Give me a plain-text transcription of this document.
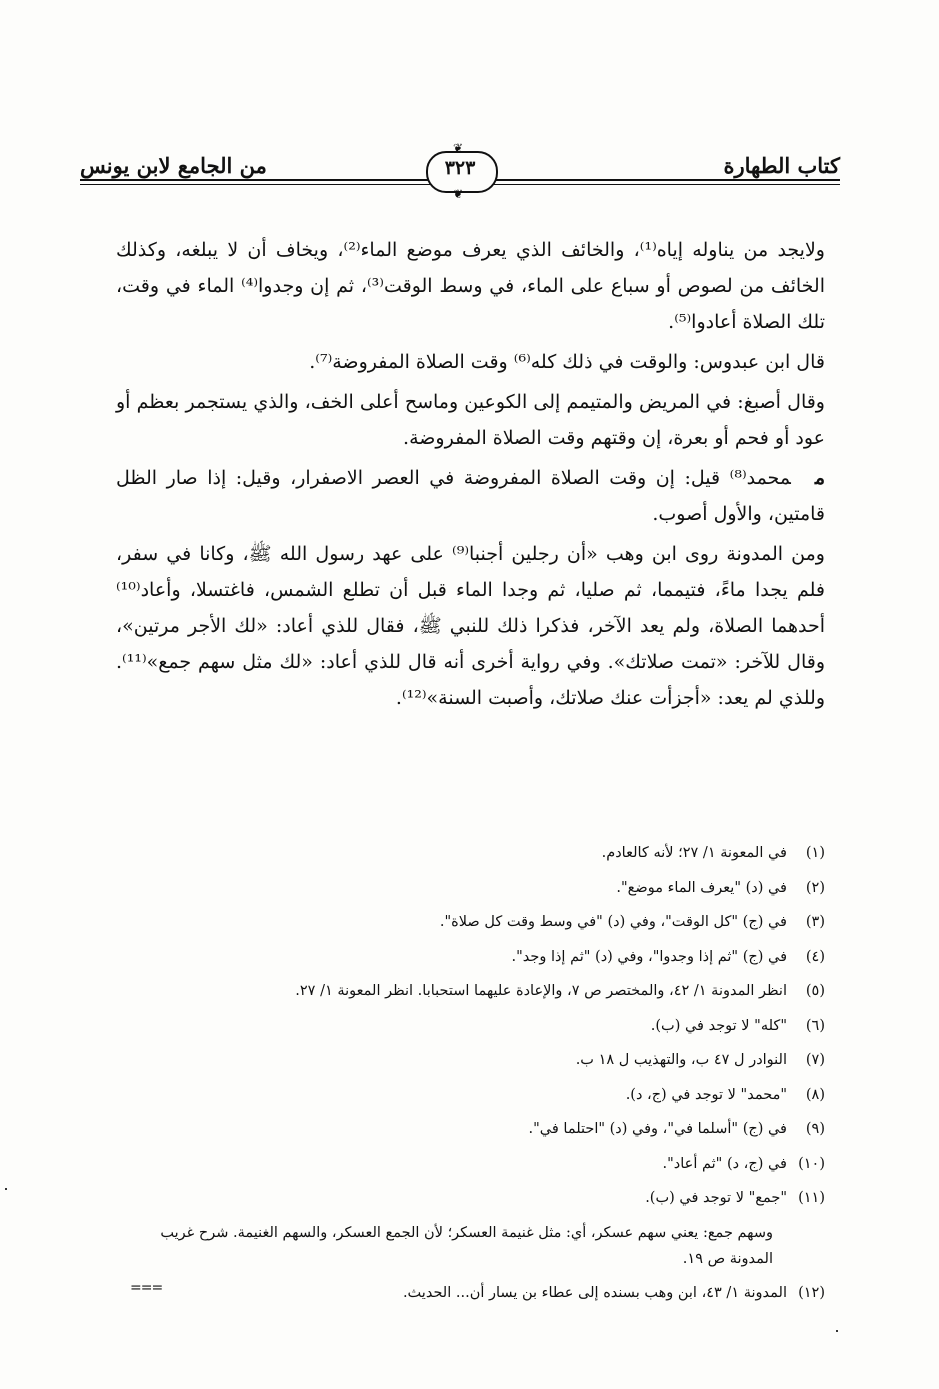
كتاب الطهارة
من الجامع لابن يونس
❦
٣٢٣
❦

ولايجد من يناوله إياه⁽¹⁾، والخائف الذي يعرف موضع الماء⁽²⁾، ويخاف أن لا يبلغه، وكذلك الخائف من لصوص أو سباع على الماء، في وسط الوقت⁽³⁾، ثم إن وجدوا⁽⁴⁾ الماء في وقت، تلك الصلاة أعادوا⁽⁵⁾.

قال ابن عبدوس: والوقت في ذلك كله⁽⁶⁾ وقت الصلاة المفروضة⁽⁷⁾.

وقال أصبغ: في المريض والمتيمم إلى الكوعين وماسح أعلى الخف، والذي يستجمر بعظم أو عود أو فحم أو بعرة، إن وقتهم وقت الصلاة المفروضة.

ممحمد⁽⁸⁾ قيل: إن وقت الصلاة المفروضة في العصر الاصفرار، وقيل: إذا صار الظل قامتين، والأول أصوب.

ومن المدونة روى ابن وهب «أن رجلين أجنبا⁽⁹⁾ على عهد رسول الله ﷺ، وكانا في سفر، فلم يجدا ماءً، فتيمما، ثم صليا، ثم وجدا الماء قبل أن تطلع الشمس، فاغتسلا، وأعاد⁽¹⁰⁾ أحدهما الصلاة، ولم يعد الآخر، فذكرا ذلك للنبي ﷺ، فقال للذي أعاد: «لك الأجر مرتين»، وقال للآخر: «تمت صلاتك». وفي رواية أخرى أنه قال للذي أعاد: «لك مثل سهم جمع»⁽¹¹⁾. وللذي لم يعد: «أجزأت عنك صلاتك، وأصبت السنة»⁽¹²⁾.

(١)في المعونة ١/ ٢٧؛ لأنه كالعادم.
(٢)في (د) "يعرف الماء موضع".
(٣)في (ج) "كل الوقت"، وفي (د) "في وسط وقت كل صلاة".
(٤)في (ج) "ثم إذا وجدوا"، وفي (د) "ثم إذا وجد".
(٥)انظر المدونة ١/ ٤٢، والمختصر ص ٧، والإعادة عليهما استحبابا. انظر المعونة ١/ ٢٧.
(٦)"كله" لا توجد في (ب).
(٧)النوادر ل ٤٧ ب، والتهذيب ل ١٨ ب.
(٨)"محمد" لا توجد في (ج، د).
(٩)في (ج) "أسلما في"، وفي (د) "احتلما في".
(١٠)في (ج، د) "ثم أعاد".
(١١)"جمع" لا توجد في (ب).
وسهم جمع: يعني سهم عسكر، أي: مثل غنيمة العسكر؛ لأن الجمع العسكر، والسهم الغنيمة. شرح غريب المدونة ص ١٩.
(١٢)المدونة ١/ ٤٣، ابن وهب بسنده إلى عطاء بن يسار أن... الحديث.
===
